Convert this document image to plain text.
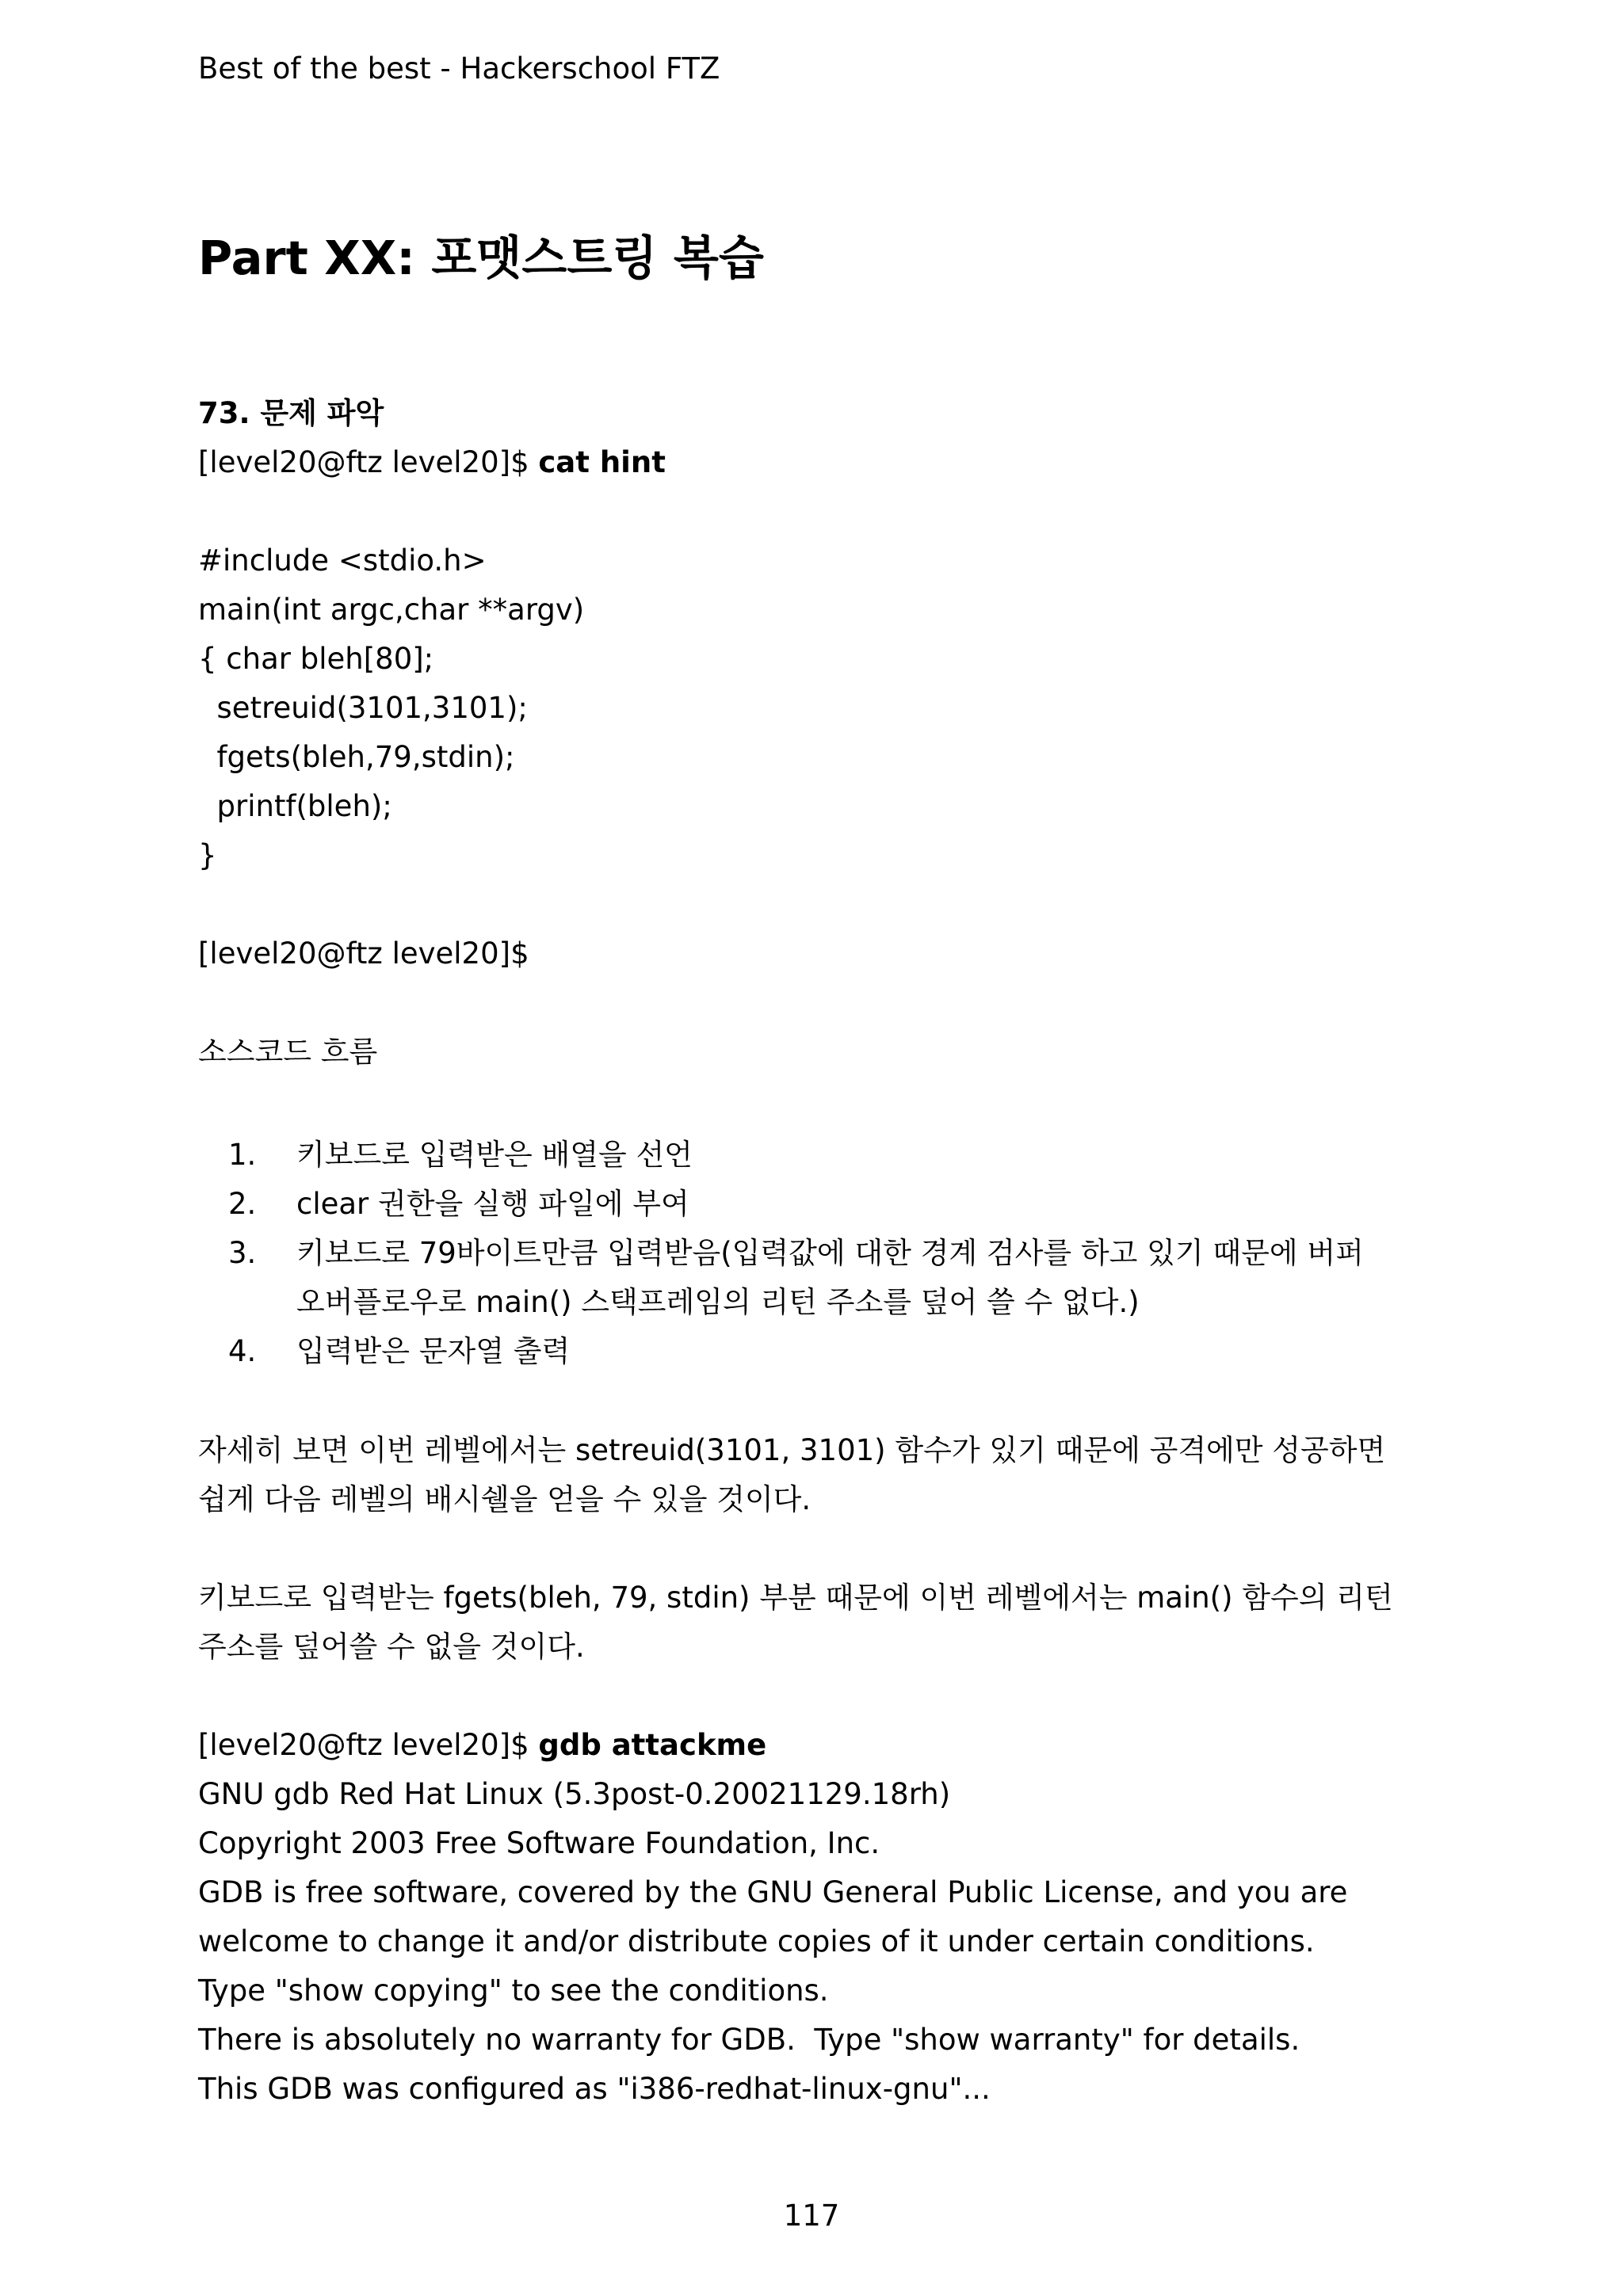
Best of the best - Hackerschool FTZ
Part XX: 포맷스트링 복습
73. 문제 파악
[level20@ftz level20]$ cat hint
#include <stdio.h>
main(int argc,char **argv)
{ char bleh[80];
setreuid(3101,3101);
fgets(bleh,79,stdin);
printf(bleh);
}
[level20@ftz level20]$
소스코드 흐름
1. 키보드로 입력받은 배열을 선언
2. clear 권한을 실행 파일에 부여
3. 키보드로 79바이트만큼 입력받음(입력값에 대한 경계 검사를 하고 있기 때문에 버퍼
오버플로우로 main() 스택프레임의 리턴 주소를 덮어 쓸 수 없다.)
4. 입력받은 문자열 출력
자세히 보면 이번 레벨에서는 setreuid(3101, 3101) 함수가 있기 때문에 공격에만 성공하면
쉽게 다음 레벨의 배시쉘을 얻을 수 있을 것이다.
키보드로 입력받는 fgets(bleh, 79, stdin) 부분 때문에 이번 레벨에서는 main() 함수의 리턴
주소를 덮어쓸 수 없을 것이다.
[level20@ftz level20]$ gdb attackme
GNU gdb Red Hat Linux (5.3post-0.20021129.18rh)
Copyright 2003 Free Software Foundation, Inc.
GDB is free software, covered by the GNU General Public License, and you are
welcome to change it and/or distribute copies of it under certain conditions.
Type "show copying" to see the conditions.
There is absolutely no warranty for GDB.  Type "show warranty" for details.
This GDB was configured as "i386-redhat-linux-gnu"...
117
